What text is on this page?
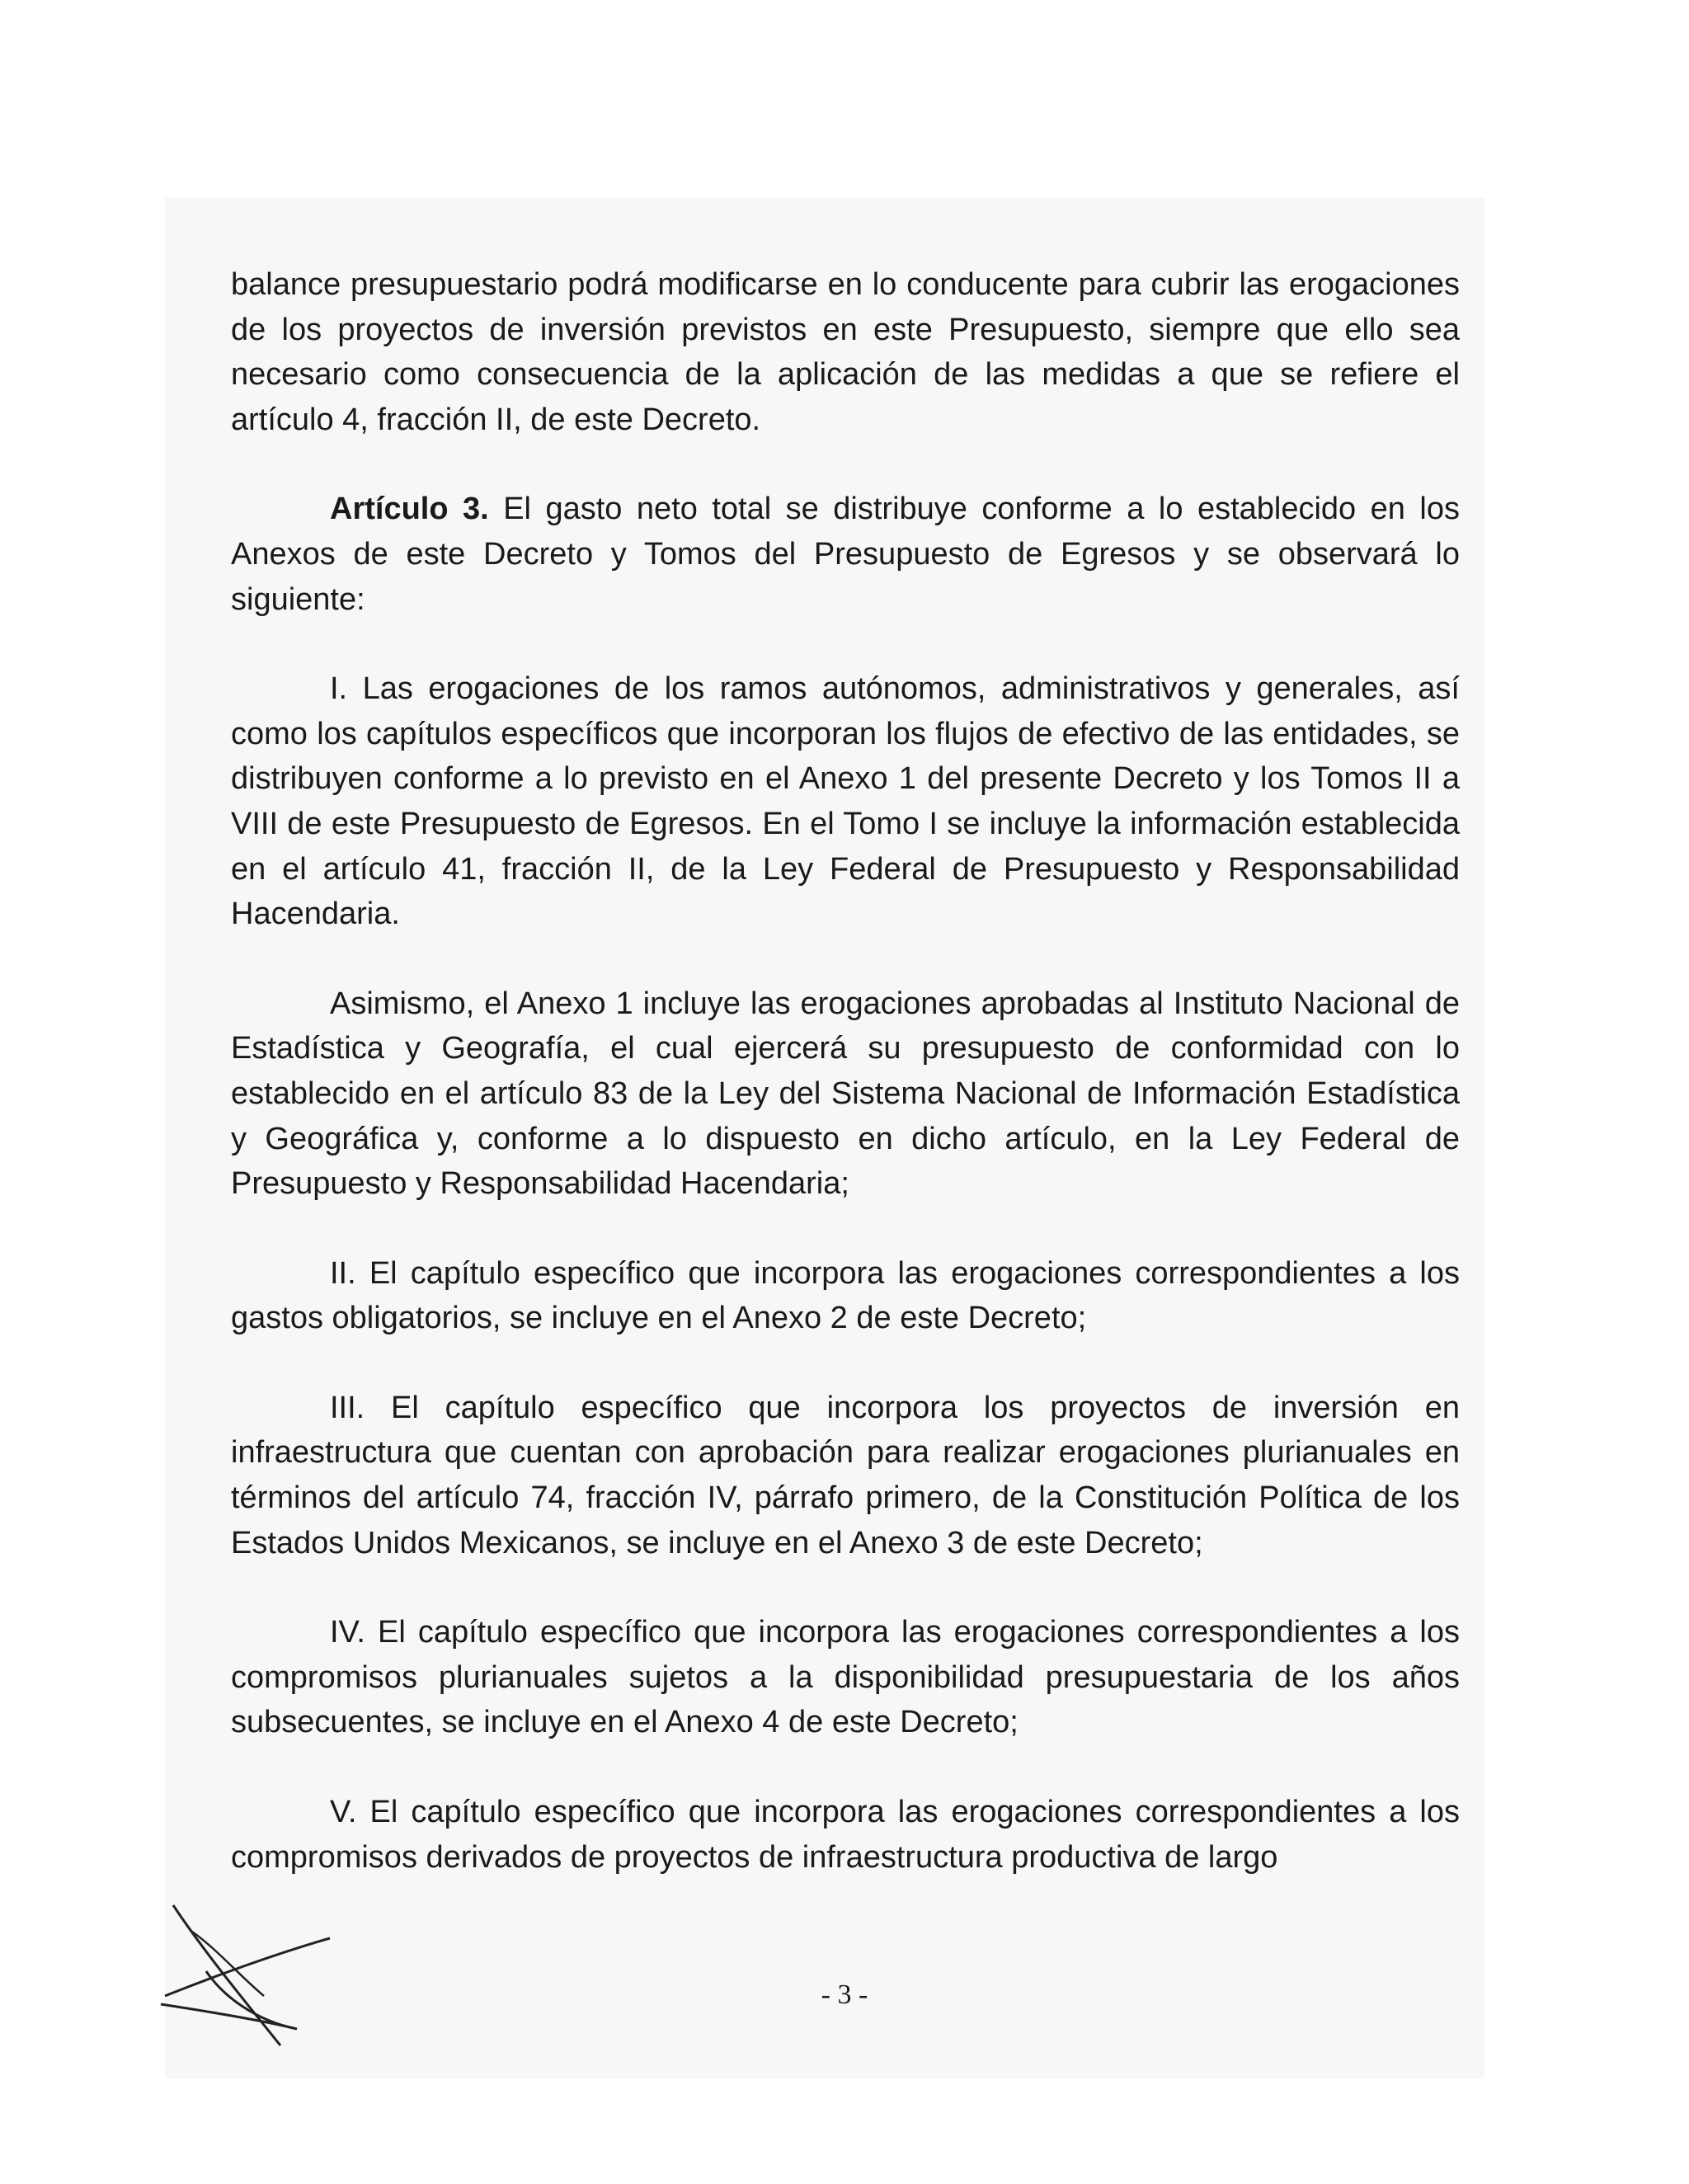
balance presupuestario podrá modificarse en lo conducente para cubrir las erogaciones de los proyectos de inversión previstos en este Presupuesto, siempre que ello sea necesario como consecuencia de la aplicación de las medidas a que se refiere el artículo 4, fracción II, de este Decreto.

Artículo 3. El gasto neto total se distribuye conforme a lo establecido en los Anexos de este Decreto y Tomos del Presupuesto de Egresos y se observará lo siguiente:

I. Las erogaciones de los ramos autónomos, administrativos y generales, así como los capítulos específicos que incorporan los flujos de efectivo de las entidades, se distribuyen conforme a lo previsto en el Anexo 1 del presente Decreto y los Tomos II a VIII de este Presupuesto de Egresos. En el Tomo I se incluye la información establecida en el artículo 41, fracción II, de la Ley Federal de Presupuesto y Responsabilidad Hacendaria.

Asimismo, el Anexo 1 incluye las erogaciones aprobadas al Instituto Nacional de Estadística y Geografía, el cual ejercerá su presupuesto de conformidad con lo establecido en el artículo 83 de la Ley del Sistema Nacional de Información Estadística y Geográfica y, conforme a lo dispuesto en dicho artículo, en la Ley Federal de Presupuesto y Responsabilidad Hacendaria;

II. El capítulo específico que incorpora las erogaciones correspondientes a los gastos obligatorios, se incluye en el Anexo 2 de este Decreto;

III. El capítulo específico que incorpora los proyectos de inversión en infraestructura que cuentan con aprobación para realizar erogaciones plurianuales en términos del artículo 74, fracción IV, párrafo primero, de la Constitución Política de los Estados Unidos Mexicanos, se incluye en el Anexo 3 de este Decreto;

IV. El capítulo específico que incorpora las erogaciones correspondientes a los compromisos plurianuales sujetos a la disponibilidad presupuestaria de los años subsecuentes, se incluye en el Anexo 4 de este Decreto;

V. El capítulo específico que incorpora las erogaciones correspondientes a los compromisos derivados de proyectos de infraestructura productiva de largo

- 3 -
